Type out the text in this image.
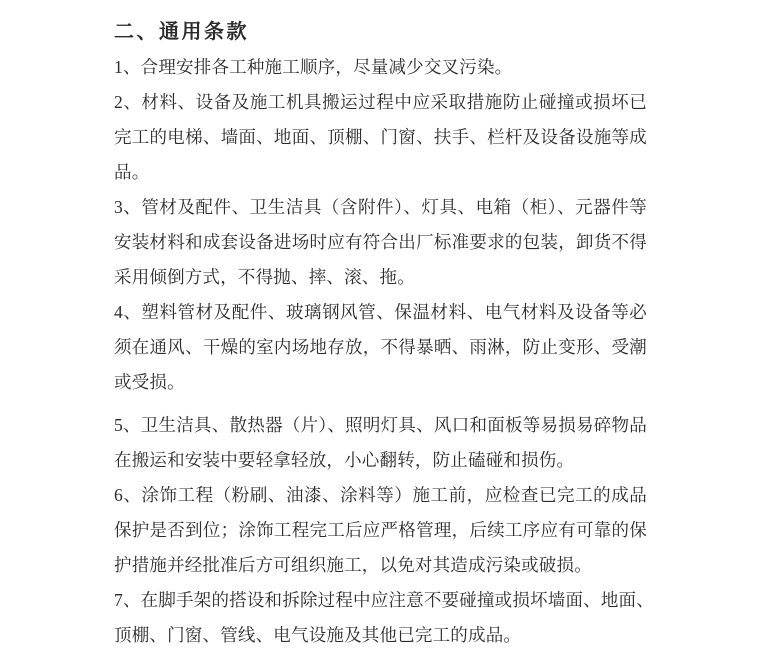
二、通用条款
1、合理安排各工种施工顺序，尽量减少交叉污染。
2、材料、设备及施工机具搬运过程中应采取措施防止碰撞或损坏已
完工的电梯、墙面、地面、顶棚、门窗、扶手、栏杆及设备设施等成
品。
3、管材及配件、卫生洁具（含附件）、灯具、电箱（柜）、元器件等
安装材料和成套设备进场时应有符合出厂标准要求的包装，卸货不得
采用倾倒方式，不得抛、摔、滚、拖。
4、塑料管材及配件、玻璃钢风管、保温材料、电气材料及设备等必
须在通风、干燥的室内场地存放，不得暴晒、雨淋，防止变形、受潮
或受损。
5、卫生洁具、散热器（片）、照明灯具、风口和面板等易损易碎物品
在搬运和安装中要轻拿轻放，小心翻转，防止磕碰和损伤。
6、涂饰工程（粉刷、油漆、涂料等）施工前，应检查已完工的成品
保护是否到位；涂饰工程完工后应严格管理，后续工序应有可靠的保
护措施并经批准后方可组织施工，以免对其造成污染或破损。
7、在脚手架的搭设和拆除过程中应注意不要碰撞或损坏墙面、地面、
顶棚、门窗、管线、电气设施及其他已完工的成品。
